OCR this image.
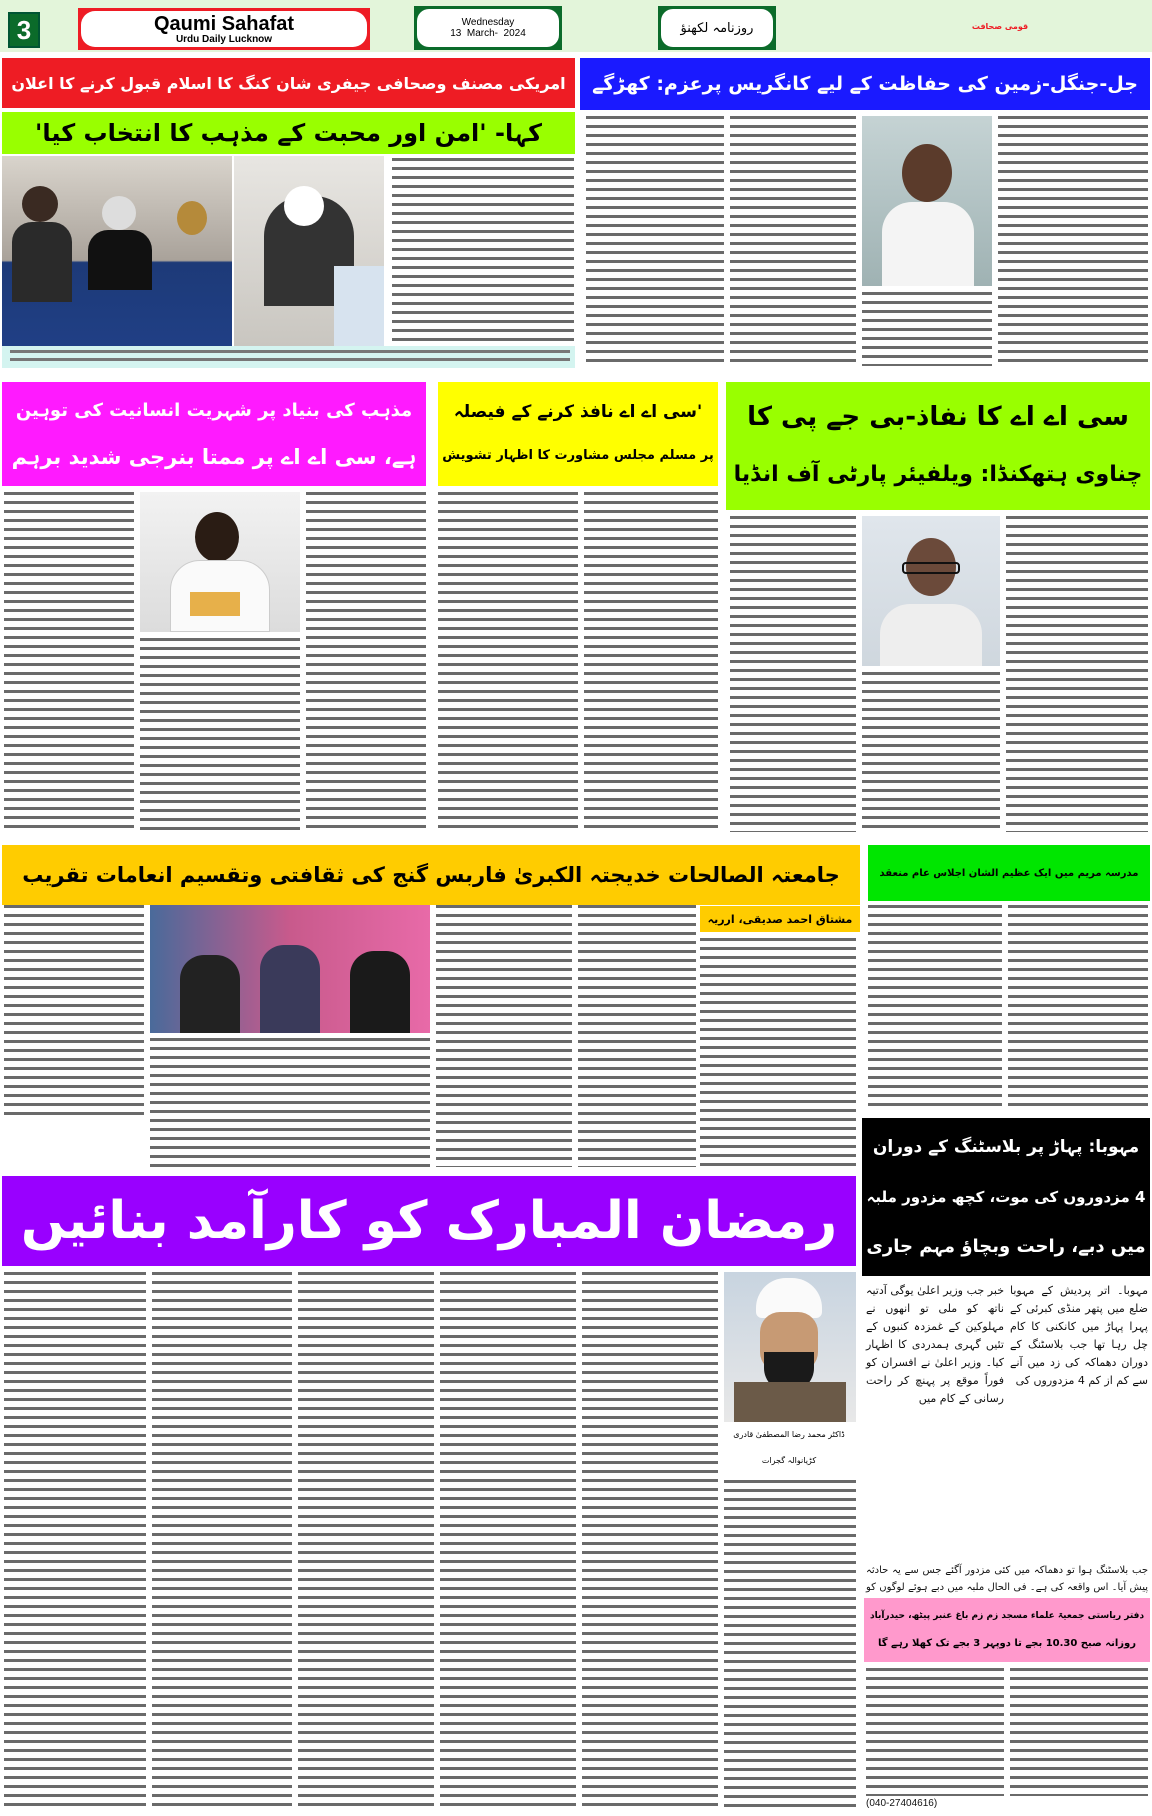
3	Qaumi Sahafat
Urdu Daily Lucknow
Wednesday
13  March-  2024	روزنامہ لکھنؤ	قومی صحافت
امریکی مصنف وصحافی جیفری شان کنگ کا اسلام قبول کرنے کا اعلان
کہا- 'امن اور محبت کے مذہب کا انتخاب کیا'
جل-جنگل-زمین کی حفاظت کے لیے کانگریس پرعزم: کھڑگے
مذہب کی بنیاد پر شہریت انسانیت کی توہین
ہے، سی اے اے پر ممتا بنرجی شدید برہم
'سی اے اے نافذ کرنے کے فیصلہ
پر مسلم مجلس مشاورت کا اظہار تشویش
سی اے اے کا نفاذ-بی جے پی کا
چناوی ہتھکنڈا: ویلفیئر پارٹی آف انڈیا
جامعتہ الصالحات خدیجتہ الکبریٰ فاربس گنج کی ثقافتی وتقسیم انعامات تقریب	مدرسہ مریم میں ایک عظیم الشان اجلاس عام منعقد
مشتاق احمد صدیقی، ارریہ
مہوبا: پہاڑ پر بلاسٹنگ کے دوران
4 مزدوروں کی موت، کچھ مزدور ملبہ
میں دبے، راحت وبچاؤ مہم جاری
مہوبا۔ اتر پردیش کے مہوبا ضلع میں پتھر منڈی کبرئی کے پہرا پہاڑ میں کانکنی کا کام چل رہا تھا جب بلاسٹنگ کے دوران دھماکہ کی زد میں آنے سے کم از کم 4 مزدوروں کی
خبر جب وزیر اعلیٰ یوگی آدتیہ ناتھ کو ملی تو انھوں نے مہلوکین کے غمزدہ کنبوں کے تئیں گہری ہمدردی کا اظہار کیا۔ وزیر اعلیٰ نے افسران کو فوراً موقع پر پہنچ کر راحت رسانی کے کام میں
جب بلاسٹنگ ہوا تو دھماکہ میں کئی مزدور آگئے جس سے یہ حادثہ پیش آیا۔ اس واقعہ کی ہے۔ فی الحال ملبہ میں دبے ہوئے لوگوں کو
دفتر ریاستی جمعیۃ علماء مسجد زم زم باغ عنبر پیٹھ، حیدرآباد
روزانہ صبح 10.30 بجے تا دوپہر 3 بجے تک کھلا رہے گا
(040-27404616)
رمضان المبارک کو کارآمد بنائیں
ڈاکٹر محمد رضا المصطفیٰ قادری
کڑیانوالہ گجرات
